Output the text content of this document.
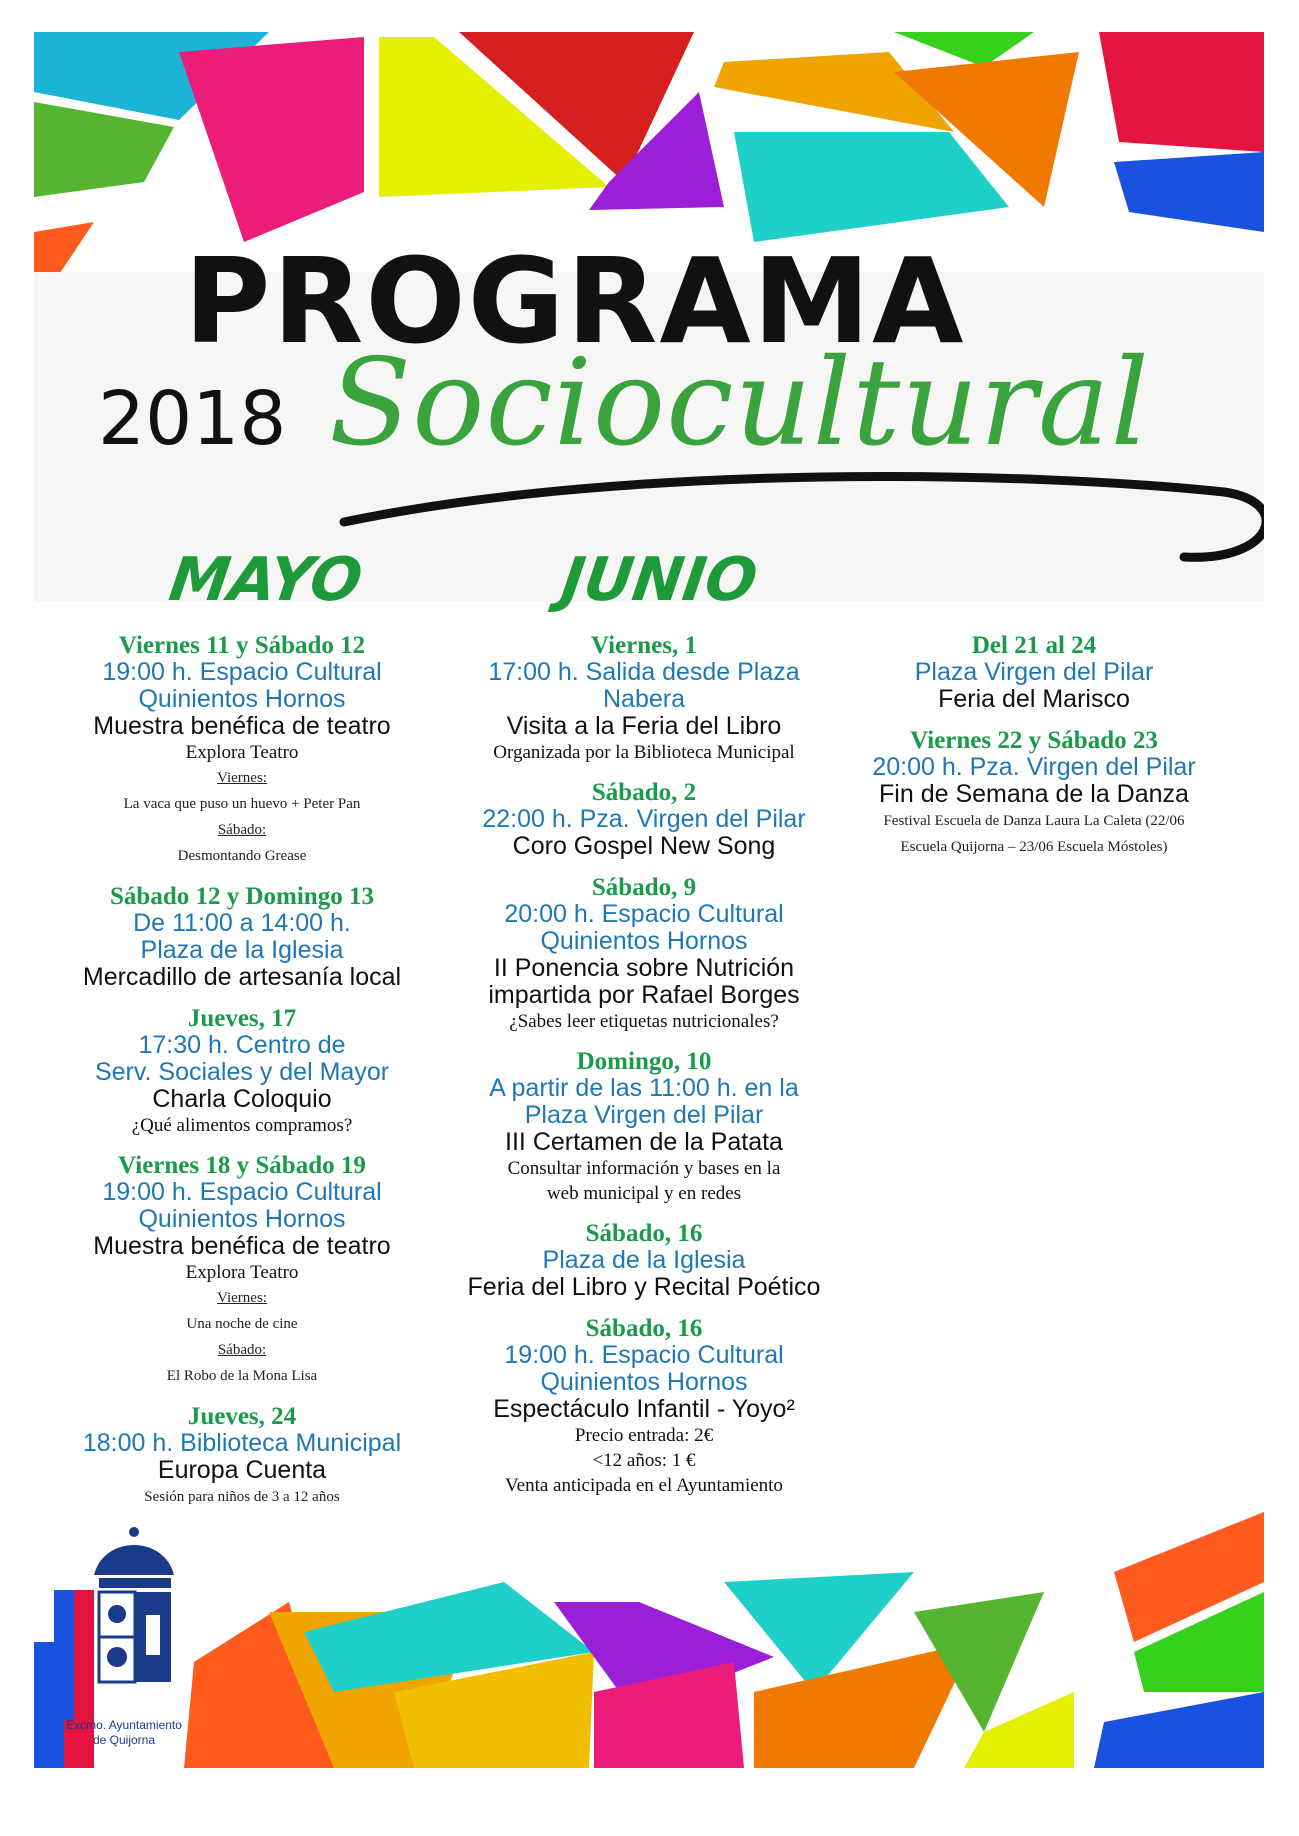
PROGRAMA
2018 Sociocultural
MAYO	JUNIO
Viernes 11 y Sábado 12
19:00 h. Espacio Cultural
Quinientos Hornos
Muestra benéfica de teatro
Explora Teatro
Viernes:
La vaca que puso un huevo + Peter Pan
Sábado:
Desmontando Grease
Sábado 12 y Domingo 13
De 11:00 a 14:00 h.
Plaza de la Iglesia
Mercadillo de artesanía local
Jueves, 17
17:30 h. Centro de
Serv. Sociales y del Mayor
Charla Coloquio
¿Qué alimentos compramos?
Viernes 18 y Sábado 19
19:00 h. Espacio Cultural
Quinientos Hornos
Muestra benéfica de teatro
Explora Teatro
Viernes:
Una noche de cine
Sábado:
El Robo de la Mona Lisa
Jueves, 24
18:00 h. Biblioteca Municipal
Europa Cuenta
Sesión para niños de 3 a 12 años
Viernes, 1
17:00 h. Salida desde Plaza
Nabera
Visita a la Feria del Libro
Organizada por la Biblioteca Municipal
Sábado, 2
22:00 h. Pza. Virgen del Pilar
Coro Gospel New Song
Sábado, 9
20:00 h. Espacio Cultural
Quinientos Hornos
II Ponencia sobre Nutrición
impartida por Rafael Borges
¿Sabes leer etiquetas nutricionales?
Domingo, 10
A partir de las 11:00 h. en la
Plaza Virgen del Pilar
III Certamen de la Patata
Consultar información y bases en la
web municipal y en redes
Sábado, 16
Plaza de la Iglesia
Feria del Libro y Recital Poético
Sábado, 16
19:00 h. Espacio Cultural
Quinientos Hornos
Espectáculo Infantil - Yoyo²
Precio entrada: 2€
<12 años: 1 €
Venta anticipada en el Ayuntamiento
Del 21 al 24
Plaza Virgen del Pilar
Feria del Marisco
Viernes 22 y Sábado 23
20:00 h. Pza. Virgen del Pilar
Fin de Semana de la Danza
Festival Escuela de Danza Laura La Caleta (22/06
Escuela Quijorna – 23/06 Escuela Móstoles)
Excmo. Ayuntamiento
de Quijorna
